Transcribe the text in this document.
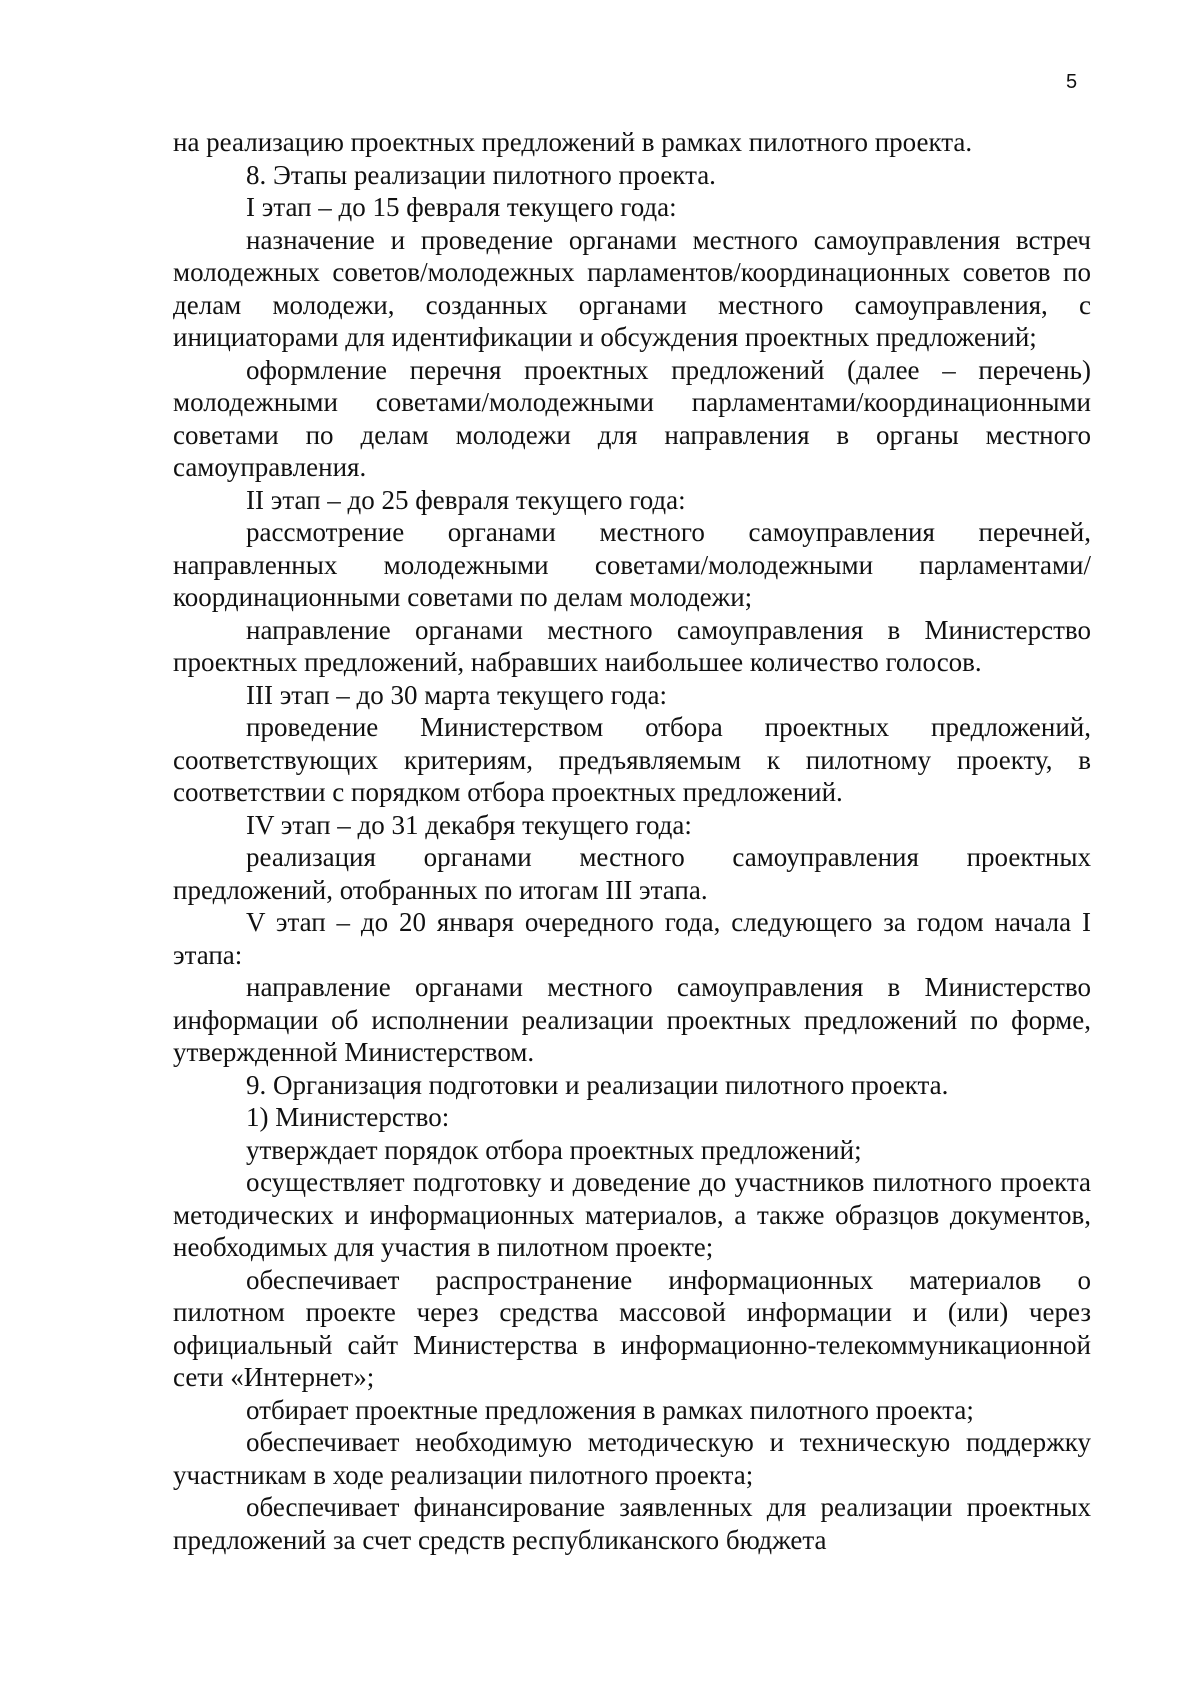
5

на реализацию проектных предложений в рамках пилотного проекта.

8. Этапы реализации пилотного проекта.

I этап – до 15 февраля текущего года:

назначение и проведение органами местного самоуправления встреч молодежных советов/молодежных парламентов/координационных советов по делам молодежи, созданных органами местного самоуправления, с инициаторами для идентификации и обсуждения проектных предложений;

оформление перечня проектных предложений (далее – перечень) молодежными советами/молодежными парламентами/координационными советами по делам молодежи для направления в органы местного самоуправления.

II этап – до 25 февраля текущего года:

рассмотрение органами местного самоуправления перечней, направленных молодежными советами/молодежными парламентами/координационными советами по делам молодежи;

направление органами местного самоуправления в Министерство проектных предложений, набравших наибольшее количество голосов.

III этап – до 30 марта текущего года:

проведение Министерством отбора проектных предложений, соответствующих критериям, предъявляемым к пилотному проекту, в соответствии с порядком отбора проектных предложений.

IV этап – до 31 декабря текущего года:

реализация органами местного самоуправления проектных предложений, отобранных по итогам III этапа.

V этап – до 20 января очередного года, следующего за годом начала I этапа:

направление органами местного самоуправления в Министерство информации об исполнении реализации проектных предложений по форме, утвержденной Министерством.

9. Организация подготовки и реализации пилотного проекта.

1) Министерство:

утверждает порядок отбора проектных предложений;

осуществляет подготовку и доведение до участников пилотного проекта методических и информационных материалов, а также образцов документов, необходимых для участия в пилотном проекте;

обеспечивает распространение информационных материалов о пилотном проекте через средства массовой информации и (или) через официальный сайт Министерства в информационно-телекоммуникационной сети «Интернет»;

отбирает проектные предложения в рамках пилотного проекта;

обеспечивает необходимую методическую и техническую поддержку участникам в ходе реализации пилотного проекта;

обеспечивает финансирование заявленных для реализации проектных предложений за счет средств республиканского бюджета
